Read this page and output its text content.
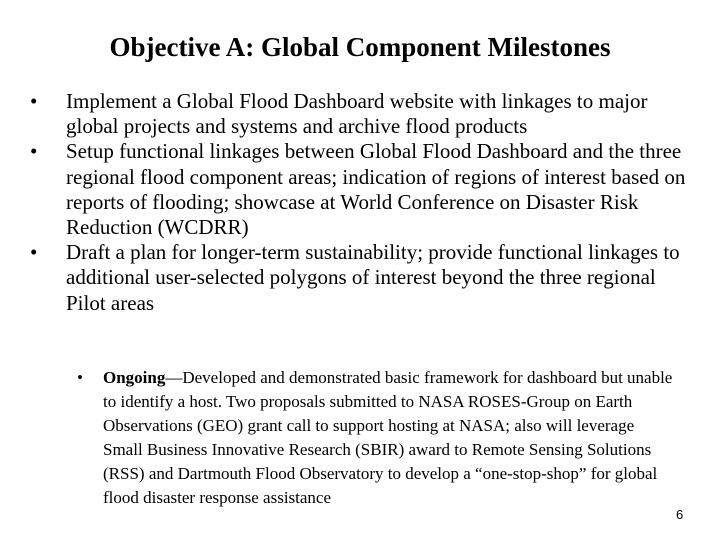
Objective A: Global Component Milestones
• Implement a Global Flood Dashboard website with linkages to major global projects and systems and archive flood products
• Setup functional linkages between Global Flood Dashboard and the three regional flood component areas; indication of regions of interest based on reports of flooding; showcase at World Conference on Disaster Risk Reduction (WCDRR)
• Draft a plan for longer-term sustainability; provide functional linkages to additional user-selected polygons of interest beyond the three regional Pilot areas
• Ongoing—Developed and demonstrated basic framework for dashboard but unable to identify a host. Two proposals submitted to NASA ROSES-Group on Earth Observations (GEO) grant call to support hosting at NASA; also will leverage Small Business Innovative Research (SBIR) award to Remote Sensing Solutions (RSS) and Dartmouth Flood Observatory to develop a “one-stop-shop” for global flood disaster response assistance
6
